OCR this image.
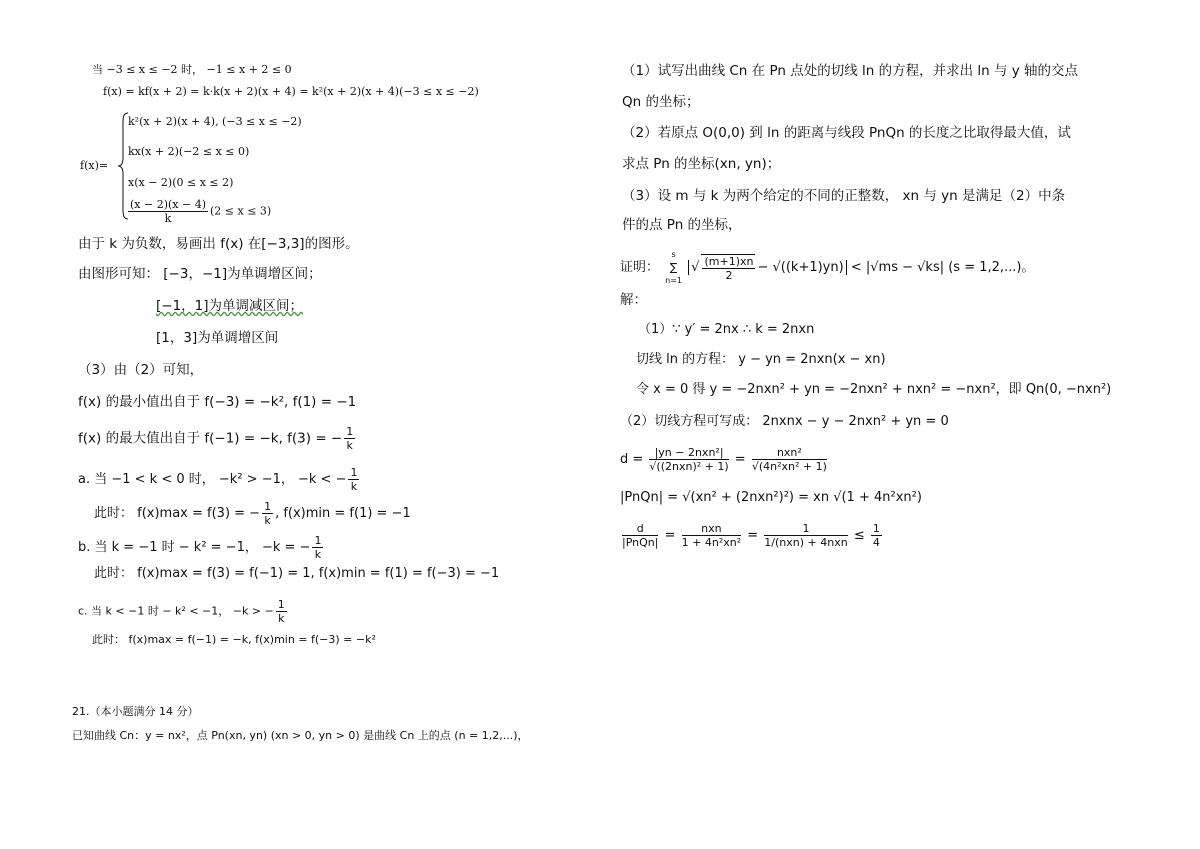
当 −3 ≤ x ≤ −2 时， −1 ≤ x + 2 ≤ 0
f(x) = kf(x + 2) = k·k(x + 2)(x + 4) = k²(x + 2)(x + 4)(−3 ≤ x ≤ −2)
f(x)=
k²(x + 2)(x + 4), (−3 ≤ x ≤ −2)
kx(x + 2)(−2 ≤ x ≤ 0)
x(x − 2)(0 ≤ x ≤ 2)
$\frac{(x - 2)(x - 4)}{k} (2 \le x \le 3)$
由于 k 为负数，易画出 f(x) 在[−3,3]的图形。
由图形可知： [−3，−1]为单调增区间；
[−1，1]为单调减区间；
[1，3]为单调增区间
（3）由（2）可知，
f(x) 的最小值出自于 f(−3) = −k², f(1) = −1
f(x) 的最大值出自于 f(−1) = −k, f(3) = − $\frac{1}{k}$
a. 当 −1 < k < 0 时， −k² > −1， −k < − $\frac{1}{k}$
此时： f(x)max = f(3) = − $\frac{1}{k}$ , f(x)min = f(1) = −1
b. 当 k = −1 时 − k² = −1， −k = − $\frac{1}{k}$
此时： f(x)max = f(3) = f(−1) = 1, f(x)min = f(1) = f(−3) = −1
c. 当 k < −1 时 − k² < −1， −k > − $\frac{1}{k}$
此时： f(x)max = f(−1) = −k, f(x)min = f(−3) = −k²
21.（本小题满分 14 分）
已知曲线 Cn：y = nx²，点 Pn(xn, yn) (xn > 0, yn > 0) 是曲线 Cn 上的点 (n = 1,2,...)，
（1）试写出曲线 Cn 在 Pn 点处的切线 ln 的方程，并求出 ln 与 y 轴的交点
Qn 的坐标；
（2）若原点 O(0,0) 到 ln 的距离与线段 PnQn 的长度之比取得最大值，试
求点 Pn 的坐标(xn, yn)；
（3）设 m 与 k 为两个给定的不同的正整数， xn 与 yn 是满足（2）中条
件的点 Pn 的坐标，
证明：
s
∑
n=1
√ $\frac{(m+1)xn}{2} - √((k+1)yn) < |√ms - √ks|$ (s = 1,2,...)。
解：
（1）∵ y′ = 2nx ∴ k = 2nxn
切线 ln 的方程： y − yn = 2nxn(x − xn)
令 x = 0 得 y = −2nxn² + yn = −2nxn² + nxn² = −nxn²，即 Qn(0, −nxn²)
（2）切线方程可写成： 2nxnx − y − 2nxn² + yn = 0
$d = \frac{\text{|yn − 2nxn²|}}{\text{√((2nxn)² + 1)}} = \frac{\text{nxn²}}{\text{√(4n²xn² + 1)}}$
|PnQn| = √(xn² + (2nxn²)²) = xn √(1 + 4n²xn²)
$\frac{d}{\text{|PnQn|}} = \frac{\text{nxn}}{\text{1 + 4n²xn²}} = \frac{1}{\text{1/(nxn) + 4nxn}} \le \frac{1}{4}$
